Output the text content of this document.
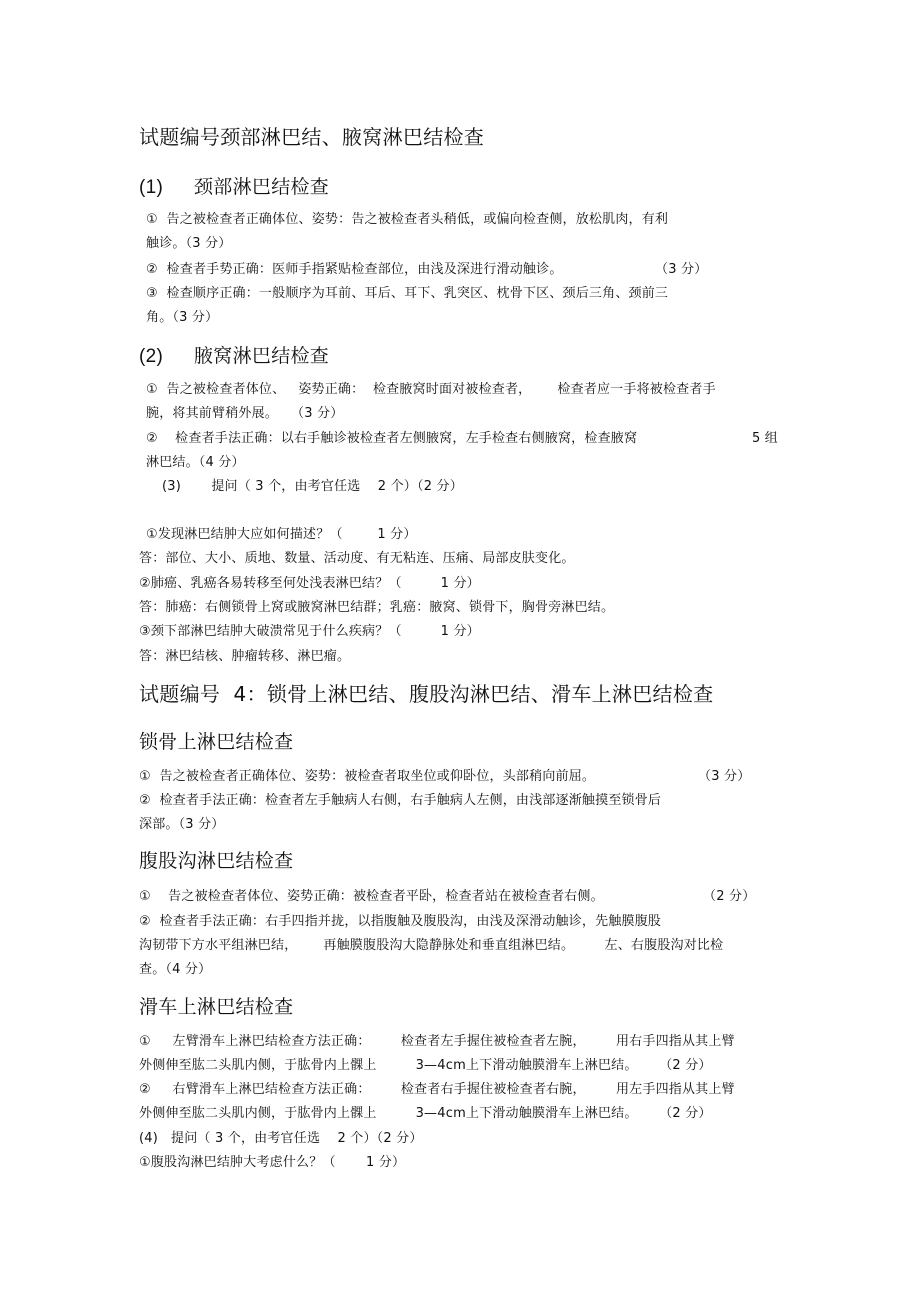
试题编号颈部淋巴结、腋窝淋巴结检查
(1) 颈部淋巴结检查
①  告之被检查者正确体位、姿势：告之被检查者头稍低，或偏向检查侧，放松肌肉，有利
触诊。（3 分）
②  检查者手势正确：医师手指紧贴检查部位，由浅及深进行滑动触诊。	（3 分）
③  检查顺序正确：一般顺序为耳前、耳后、耳下、乳突区、枕骨下区、颈后三角、颈前三
角。（3 分）
(2) 腋窝淋巴结检查
①  告之被检查者体位、   姿势正确：  检查腋窝时面对被检查者，      检查者应一手将被检查者手
腕，将其前臂稍外展。   （3 分）
②    检查者手法正确：以右手触诊被检查者左侧腋窝，左手检查右侧腋窝，检查腋窝	5 组
淋巴结。（4 分）
(3)       提问（ 3 个，由考官任选    2 个）（2 分）
①发现淋巴结肿大应如何描述？（        1 分）
答：部位、大小、质地、数量、活动度、有无粘连、压痛、局部皮肤变化。
②肺癌、乳癌各易转移至何处浅表淋巴结？（         1 分）
答：肺癌：右侧锁骨上窝或腋窝淋巴结群；乳癌：腋窝、锁骨下，胸骨旁淋巴结。
③颈下部淋巴结肿大破溃常见于什么疾病？（         1 分）
答：淋巴结核、肿瘤转移、淋巴瘤。
试题编号  4：锁骨上淋巴结、腹股沟淋巴结、滑车上淋巴结检查
锁骨上淋巴结检查
①  告之被检查者正确体位、姿势：被检查者取坐位或仰卧位，头部稍向前屈。	（3 分）
②  检查者手法正确：检查者左手触病人右侧，右手触病人左侧，由浅部逐渐触摸至锁骨后
深部。（3 分）
腹股沟淋巴结检查
①    告之被检查者体位、姿势正确：被检查者平卧，检查者站在被检查者右侧。	（2 分）
②  检查者手法正确：右手四指并拢，以指腹触及腹股沟，由浅及深滑动触诊，先触膜腹股
沟韧带下方水平组淋巴结，      再触膜腹股沟大隐静脉处和垂直组淋巴结。       左、右腹股沟对比检
查。（4 分）
滑车上淋巴结检查
①     左臂滑车上淋巴结检查方法正确：       检查者左手握住被检查者左腕，       用右手四指从其上臂
外侧伸至肱二头肌内侧，于肱骨内上髁上         3—4cm上下滑动触膜滑车上淋巴结。     （2 分）
②     右臂滑车上淋巴结检查方法正确：       检查者右手握住被检查者右腕，       用左手四指从其上臂
外侧伸至肱二头肌内侧，于肱骨内上髁上         3—4cm上下滑动触膜滑车上淋巴结。     （2 分）
(4)   提问（ 3 个，由考官任选    2 个）（2 分）
①腹股沟淋巴结肿大考虑什么？（       1 分）
